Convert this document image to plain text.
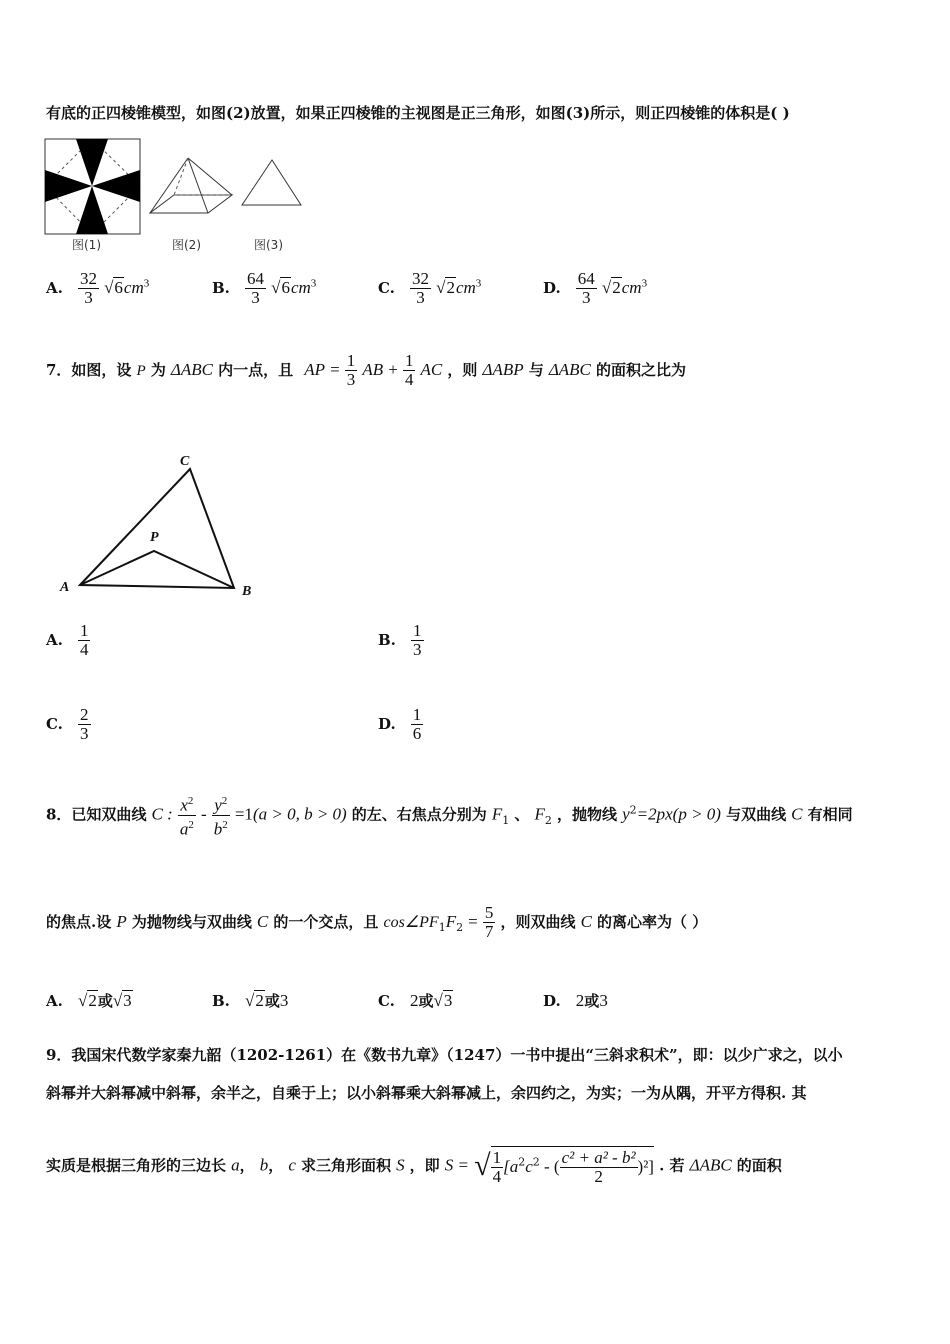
有底的正四棱锥模型，如图(2)放置，如果正四棱锥的主视图是正三角形，如图(3)所示，则正四棱锥的体积是( )
图(1)	图(2)	图(3)
A. $\frac{32}{3} √6cm^3$	B. $\frac{64}{3} √6cm^3$	C. $\frac{32}{3} √2cm^3$	D. $\frac{64}{3} √2cm^3$
7．如图，设 P 为 ΔABC 内一点，且 AP = $\frac{1}{3}$ AB + $\frac{1}{4}$ AC ，则 ΔABP 与 ΔABC 的面积之比为
A	B
C
P
A. $\frac{1}{4}$	B. $\frac{1}{3}$
C. $\frac{2}{3}$	D. $\frac{1}{6}$
8．已知双曲线 C : $\frac{x^2}{a^2} - \frac{y^2}{b^2} =1(a > 0$, b > 0) 的左、右焦点分别为 $F_1$ 、 $F_2$ ，抛物线 $y^2=2px(p > 0)$ 与双曲线 C 有相同
的焦点.设 P 为抛物线与双曲线 C 的一个交点，且 $\cos\angle PF_1F_2 = \frac{5}{7}$ ，则双曲线 C 的离心率为（ ）
A. √2或√3	B. √2或3	C. 2或√3	D. 2或3
9．我国宋代数学家秦九韶（1202-1261）在《数书九章》（1247）一书中提出“三斜求积术”，即：以少广求之，以小
斜幂并大斜幂减中斜幂，余半之，自乘于上；以小斜幂乘大斜幂减上，余四约之，为实；一为从隅，开平方得积. 其
实质是根据三角形的三边长 a， b， c 求三角形面积 S ，即 S = √ $\frac{1}{4} [a^2c^2$ - ( $\frac{\text{c² + a² - b²}}{2} )^2$] . 若 ΔABC 的面积
